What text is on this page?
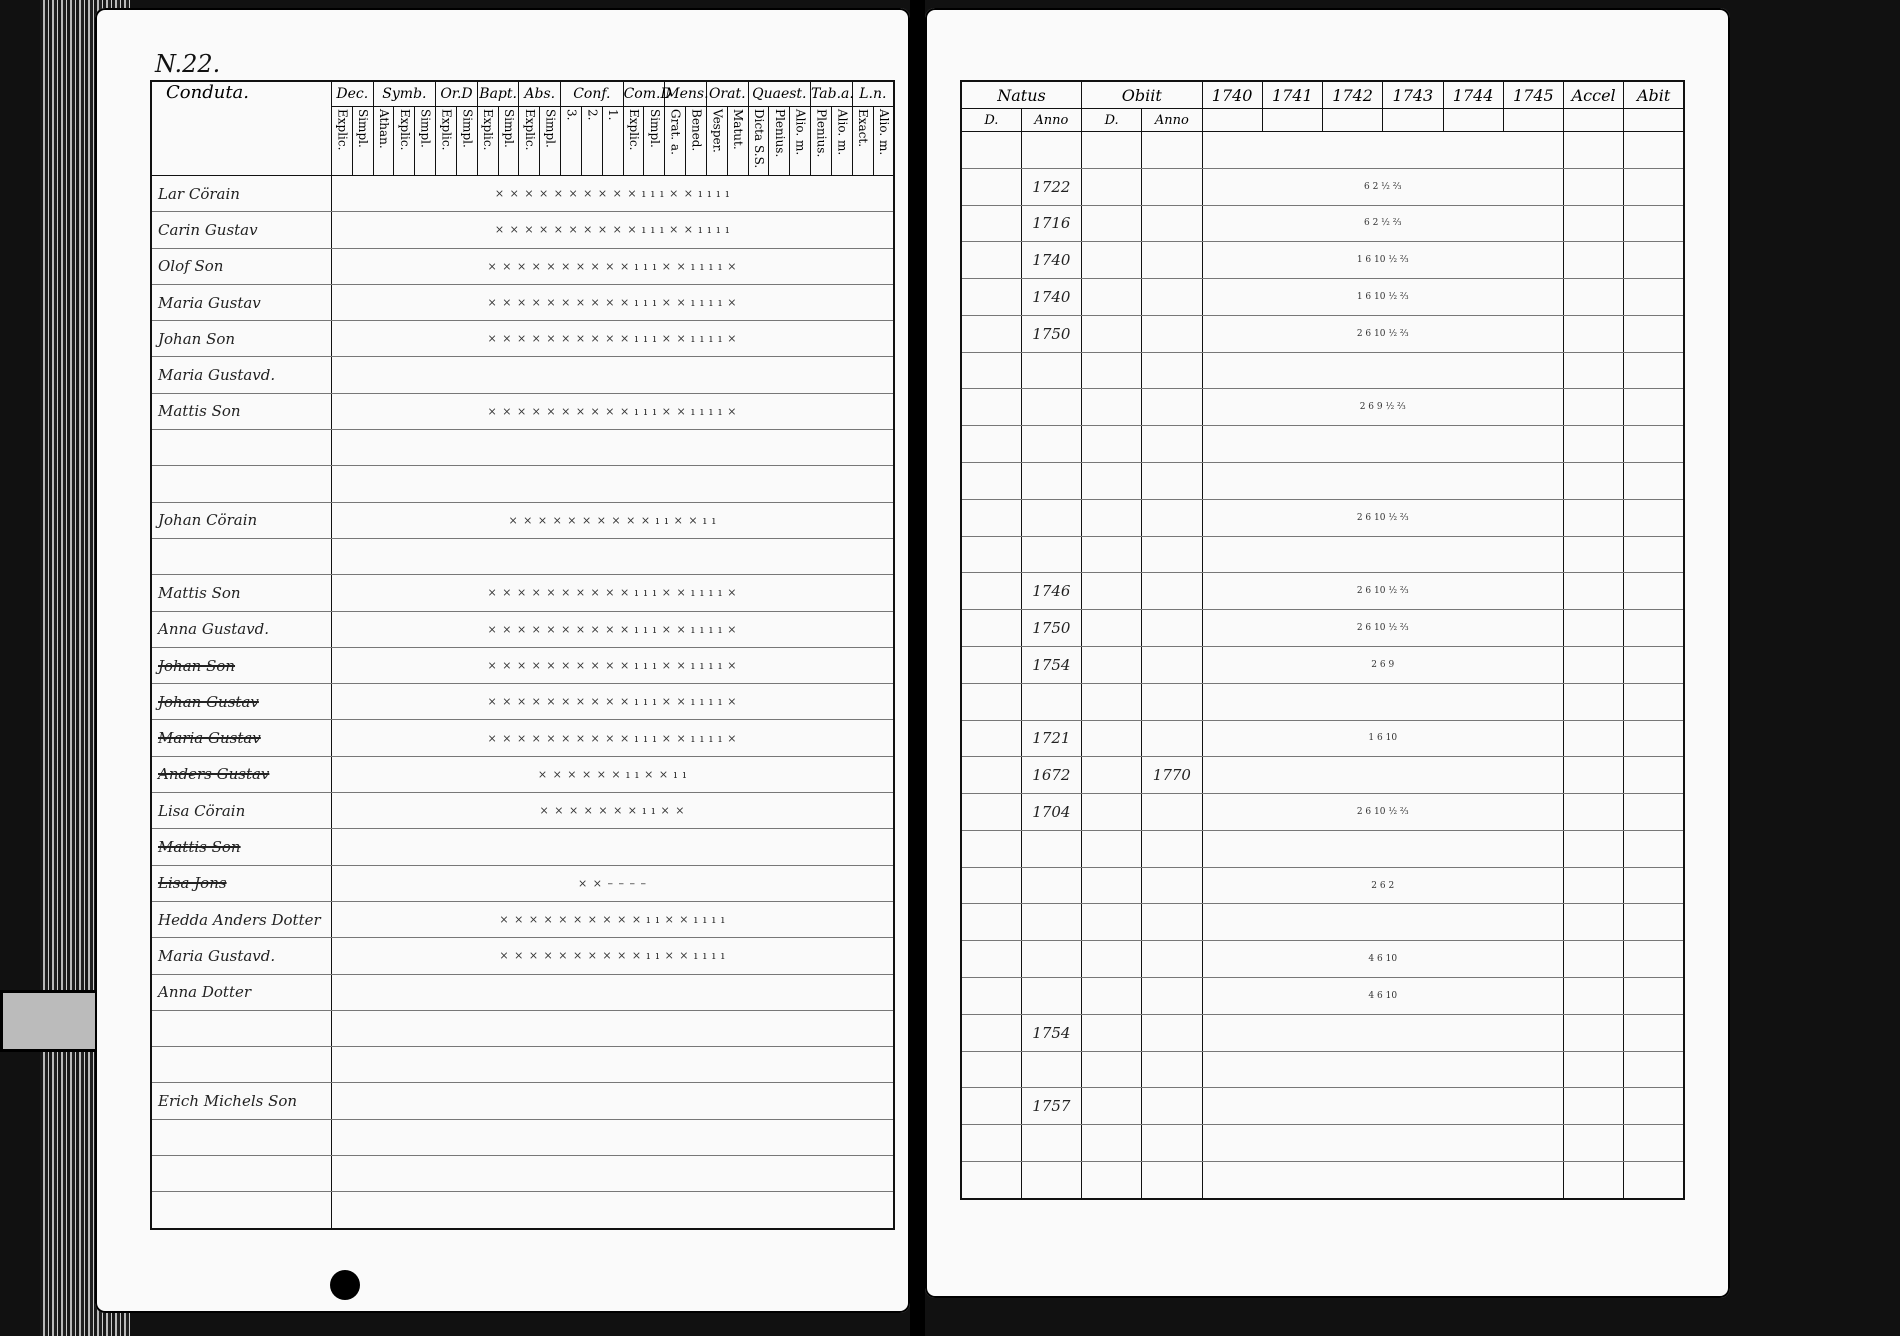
N.22.
Conduta.	Dec.		Symb.			Or.D		Bapt.		Abs.		Conf.			Com.D		Mens.		Orat.		Quaest.			Tab.a.		L.n.	
	Explic.	Simpl.	Athan.	Explic.	Simpl.	Explic.	Simpl.	Explic.	Simpl.	Explic.	Simpl.	3.	2.	1.	Explic.	Simpl.	Grat. a.	Bened.	Vesper.	Matut.	Dicta S.S.	Plenius.	Alio. m.	Plenius.	Alio. m.	Exact.	Alio. m.
Lar Cörain	× × × × × × × × × × ı ı ı × × ı ı ı ı																										
Carin Gustav	× × × × × × × × × × ı ı ı × × ı ı ı ı																										
Olof Son	× × × × × × × × × × ı ı ı × × ı ı ı ı ×																										
Maria Gustav	× × × × × × × × × × ı ı ı × × ı ı ı ı ×																										
Johan Son	× × × × × × × × × × ı ı ı × × ı ı ı ı ×																										
Maria Gustavd.																											
Mattis Son	× × × × × × × × × × ı ı ı × × ı ı ı ı ×																										

Johan Cörain	× × × × × × × × × × ı ı × × ı ı																										

Mattis Son	× × × × × × × × × × ı ı ı × × ı ı ı ı ×																										
Anna Gustavd.	× × × × × × × × × × ı ı ı × × ı ı ı ı ×																										
Johan Son	× × × × × × × × × × ı ı ı × × ı ı ı ı ×																										
Johan Gustav	× × × × × × × × × × ı ı ı × × ı ı ı ı ×																										
Maria Gustav	× × × × × × × × × × ı ı ı × × ı ı ı ı ×																										
Anders Gustav	× × × × × × ı ı × × ı ı																										
Lisa Cörain	× × × × × × × ı ı × ×																										
Mattis Son																											
Lisa Jons	× × – – – –																										
Hedda Anders Dotter	× × × × × × × × × × ı ı × × ı ı ı ı																										
Maria Gustavd.	× × × × × × × × × × ı ı × × ı ı ı ı																										
Anna Dotter																											

Erich Michels Son																											

Natus		Obiit		1740	1741	1742	1743	1744	1745	Accel	Abit
D.	Anno	D.	Anno								

	1722			6 2 ½ ⅔							
	1716			6 2 ½ ⅔							
	1740			1 6 10 ½ ⅔							
	1740			1 6 10 ½ ⅔							
	1750			2 6 10 ½ ⅔							

				2 6 9 ½ ⅔							

				2 6 10 ½ ⅔							

	1746			2 6 10 ½ ⅔							
	1750			2 6 10 ½ ⅔							
	1754			2 6 9							

	1721			1 6 10							
	1672		1770								
	1704			2 6 10 ½ ⅔							

				2 6 2							

				4 6 10							
				4 6 10							
	1754										

	1757										
